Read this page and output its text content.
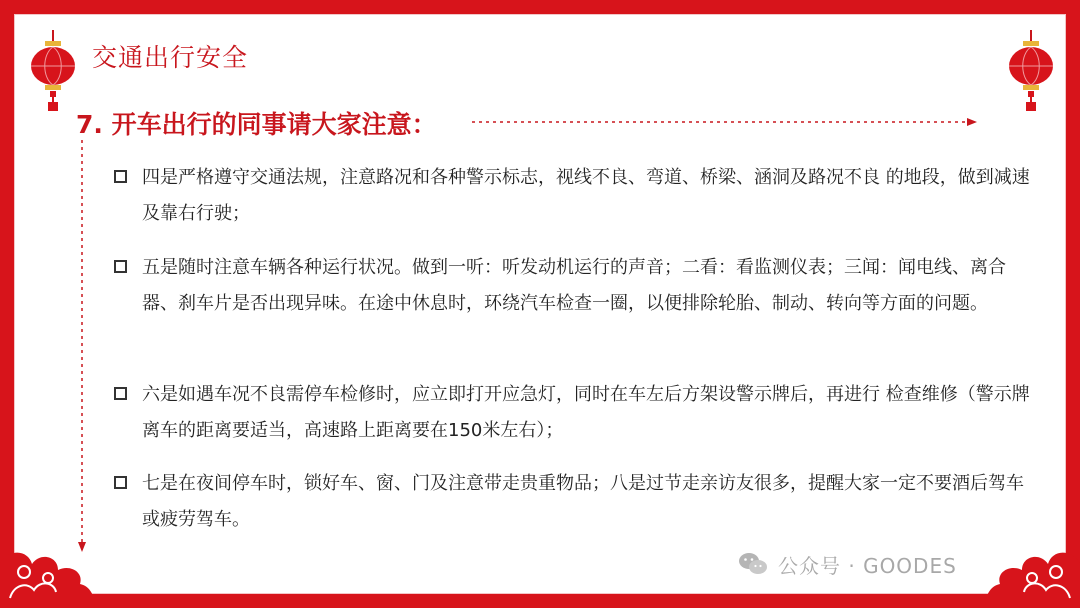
交通出行安全
7. 开车出行的同事请大家注意：
四是严格遵守交通法规，注意路况和各种警示标志，视线不良、弯道、桥梁、涵洞及路况不良 的地段，做到减速及靠右行驶；
五是随时注意车辆各种运行状况。做到一听：听发动机运行的声音；二看：看监测仪表；三闻：闻电线、离合器、刹车片是否出现异味。在途中休息时，环绕汽车检查一圈，以便排除轮胎、制动、转向等方面的问题。
六是如遇车况不良需停车检修时，应立即打开应急灯，同时在车左后方架设警示牌后，再进行 检查维修（警示牌离车的距离要适当，高速路上距离要在150米左右）；
七是在夜间停车时，锁好车、窗、门及注意带走贵重物品；八是过节走亲访友很多，提醒大家一定不要酒后驾车或疲劳驾车。
公众号 · GOODES
